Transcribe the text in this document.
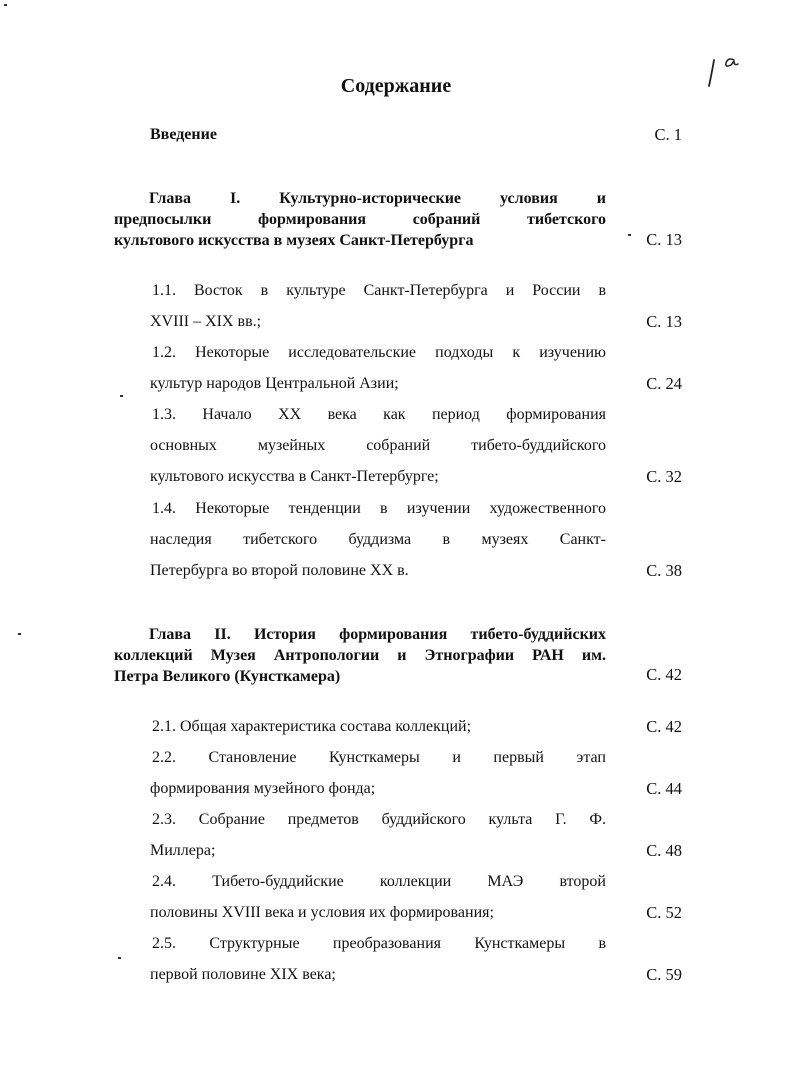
Содержание
Введение	С. 1
Глава I. Культурно-исторические условия и
предпосылки формирования собраний тибетского
культового искусства в музеях Санкт-Петербурга	С. 13
1.1. Восток в культуре Санкт-Петербурга и России в
XVIII – XIX вв.;	С. 13
1.2. Некоторые исследовательские подходы к изучению
культур народов Центральной Азии;	С. 24
1.3. Начало XX века как период формирования
основных музейных собраний тибето-буддийского
культового искусства в Санкт-Петербурге;	С. 32
1.4. Некоторые тенденции в изучении художественного
наследия тибетского буддизма в музеях Санкт-
Петербурга во второй половине XX в.	С. 38
Глава II. История формирования тибето-буддийских
коллекций Музея Антропологии и Этнографии РАН им.
Петра Великого (Кунсткамера)	С. 42
2.1. Общая характеристика состава коллекций;	С. 42
2.2. Становление Кунсткамеры и первый этап
формирования музейного фонда;	С. 44
2.3. Собрание предметов буддийского культа Г. Ф.
Миллера;	С. 48
2.4. Тибето-буддийские коллекции МАЭ второй
половины XVIII века и условия их формирования;	С. 52
2.5. Структурные преобразования Кунсткамеры в
первой половине XIX века;	С. 59
